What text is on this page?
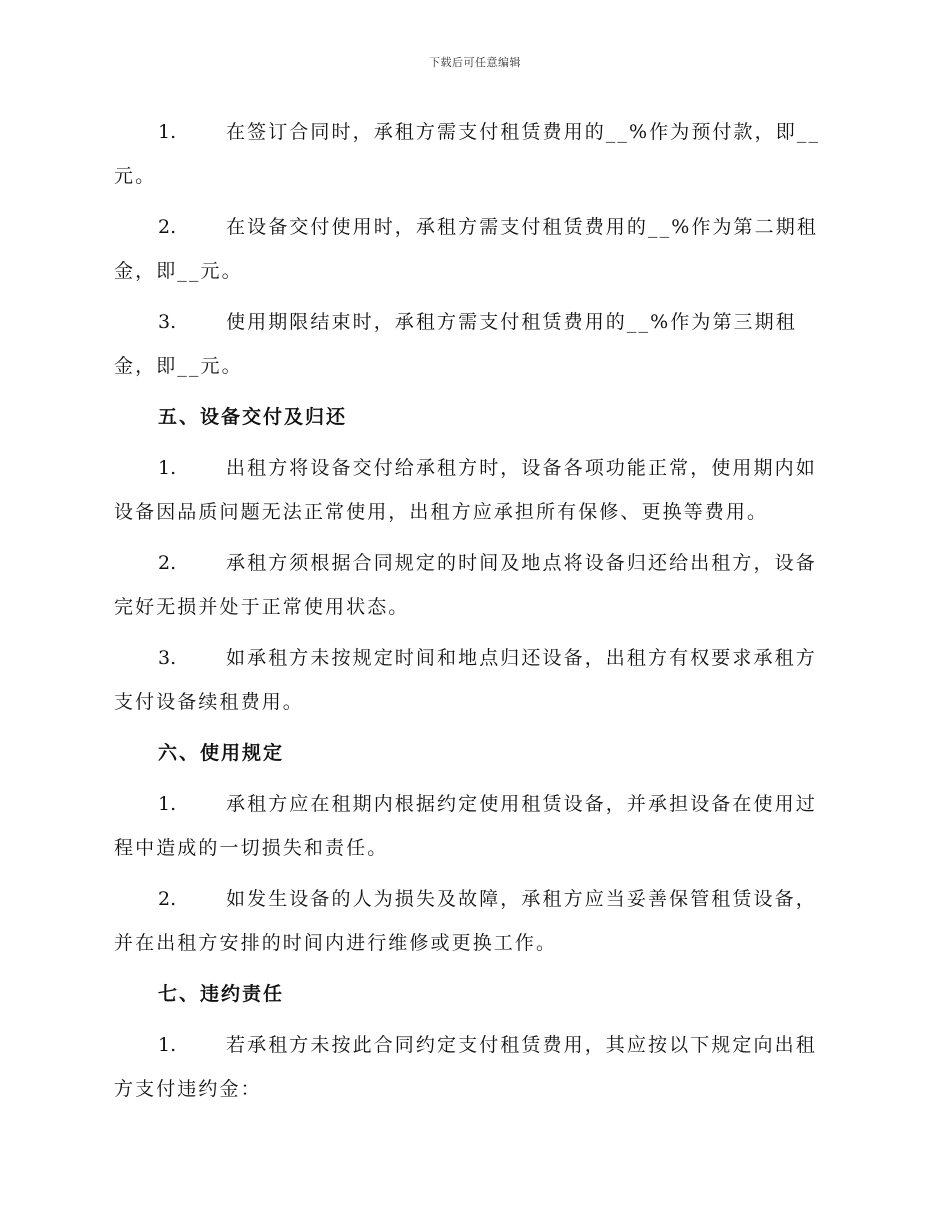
下载后可任意编辑
1.	在签订合同时，承租方需支付租赁费用的__%作为预付款，即__
元。
2.	在设备交付使用时，承租方需支付租赁费用的__%作为第二期租
金，即__元。
3.	使用期限结束时，承租方需支付租赁费用的__%作为第三期租
金，即__元。
五、设备交付及归还
1.	出租方将设备交付给承租方时，设备各项功能正常，使用期内如
设备因品质问题无法正常使用，出租方应承担所有保修、更换等费用。
2.	承租方须根据合同规定的时间及地点将设备归还给出租方，设备
完好无损并处于正常使用状态。
3.	如承租方未按规定时间和地点归还设备，出租方有权要求承租方
支付设备续租费用。
六、使用规定
1.	承租方应在租期内根据约定使用租赁设备，并承担设备在使用过
程中造成的一切损失和责任。
2.	如发生设备的人为损失及故障，承租方应当妥善保管租赁设备，
并在出租方安排的时间内进行维修或更换工作。
七、违约责任
1.	若承租方未按此合同约定支付租赁费用，其应按以下规定向出租
方支付违约金：
